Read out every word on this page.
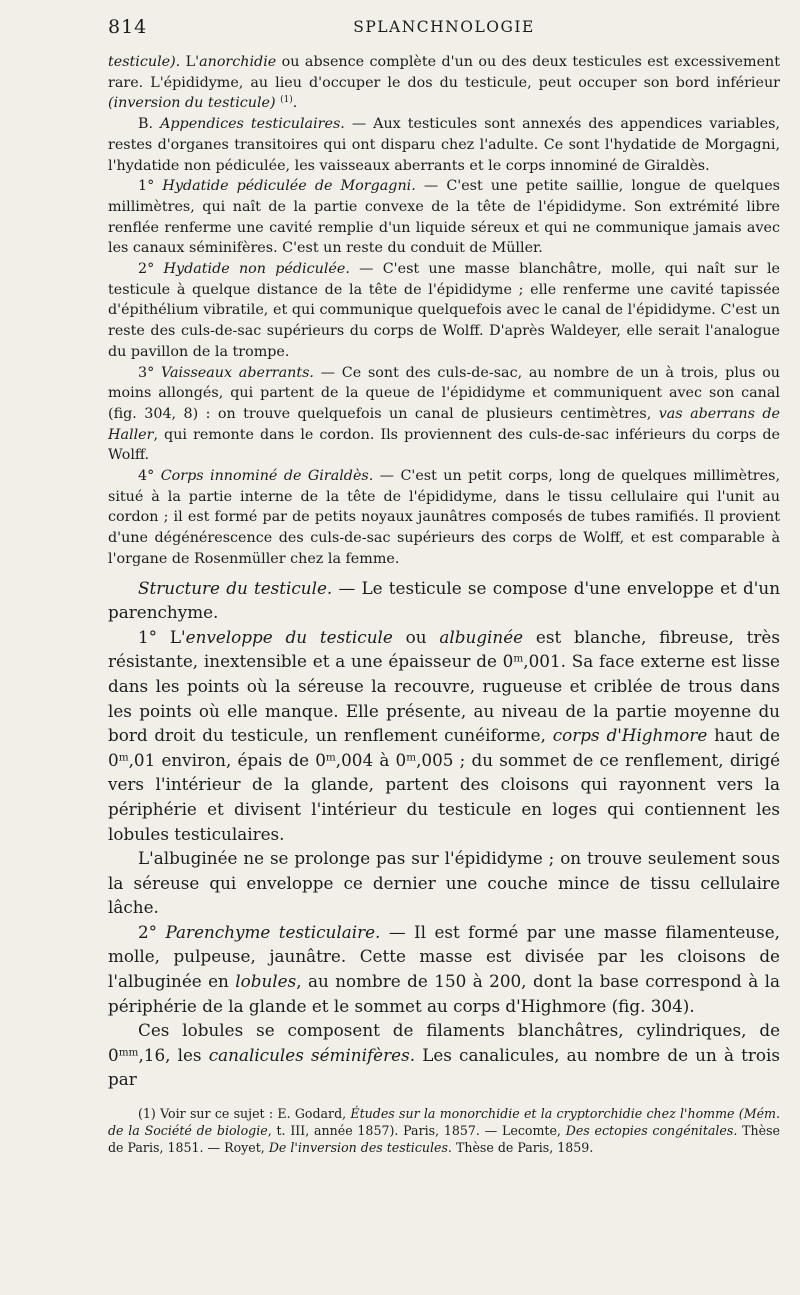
814	SPLANCHNOLOGIE

testicule). L'anorchidie ou absence complète d'un ou des deux testicules est excessivement rare. L'épididyme, au lieu d'occuper le dos du testicule, peut occuper son bord inférieur (inversion du testicule) $^{(1)}$.

B. Appendices testiculaires. — Aux testicules sont annexés des appendices variables, restes d'organes transitoires qui ont disparu chez l'adulte. Ce sont l'hydatide de Morgagni, l'hydatide non pédiculée, les vaisseaux aberrants et le corps innominé de Giraldès.

1° Hydatide pédiculée de Morgagni. — C'est une petite saillie, longue de quelques millimètres, qui naît de la partie convexe de la tête de l'épididyme. Son extrémité libre renflée renferme une cavité remplie d'un liquide séreux et qui ne communique jamais avec les canaux séminifères. C'est un reste du conduit de Müller.

2° Hydatide non pédiculée. — C'est une masse blanchâtre, molle, qui naît sur le testicule à quelque distance de la tête de l'épididyme ; elle renferme une cavité tapissée d'épithélium vibratile, et qui communique quelquefois avec le canal de l'épididyme. C'est un reste des culs-de-sac supérieurs du corps de Wolff. D'après Waldeyer, elle serait l'analogue du pavillon de la trompe.

3° Vaisseaux aberrants. — Ce sont des culs-de-sac, au nombre de un à trois, plus ou moins allongés, qui partent de la queue de l'épididyme et communiquent avec son canal (fig. 304, 8) : on trouve quelquefois un canal de plusieurs centimètres, vas aberrans de Haller, qui remonte dans le cordon. Ils proviennent des culs-de-sac inférieurs du corps de Wolff.

4° Corps innominé de Giraldès. — C'est un petit corps, long de quelques millimètres, situé à la partie interne de la tête de l'épididyme, dans le tissu cellulaire qui l'unit au cordon ; il est formé par de petits noyaux jaunâtres composés de tubes ramifiés. Il provient d'une dégénérescence des culs-de-sac supérieurs des corps de Wolff, et est comparable à l'organe de Rosenmüller chez la femme.

Structure du testicule. — Le testicule se compose d'une enveloppe et d'un parenchyme.

1° L'enveloppe du testicule ou albuginée est blanche, fibreuse, très résistante, inextensible et a une épaisseur de 0$^m$,001. Sa face externe est lisse dans les points où la séreuse la recouvre, rugueuse et criblée de trous dans les points où elle manque. Elle présente, au niveau de la partie moyenne du bord droit du testicule, un renflement cunéiforme, corps d'Highmore haut de 0$^m$,01 environ, épais de 0$^m$,004 à 0$^m$,005 ; du sommet de ce renflement, dirigé vers l'intérieur de la glande, partent des cloisons qui rayonnent vers la périphérie et divisent l'intérieur du testicule en loges qui contiennent les lobules testiculaires.

L'albuginée ne se prolonge pas sur l'épididyme ; on trouve seulement sous la séreuse qui enveloppe ce dernier une couche mince de tissu cellulaire lâche.

2° Parenchyme testiculaire. — Il est formé par une masse filamenteuse, molle, pulpeuse, jaunâtre. Cette masse est divisée par les cloisons de l'albuginée en lobules, au nombre de 150 à 200, dont la base correspond à la périphérie de la glande et le sommet au corps d'Highmore (fig. 304).

Ces lobules se composent de filaments blanchâtres, cylindriques, de $0^{mm},16$, les canalicules séminifères. Les canalicules, au nombre de un à trois par

(1) Voir sur ce sujet : E. Godard, Études sur la monorchidie et la cryptorchidie chez l'homme (Mém. de la Société de biologie, t. III, année 1857). Paris, 1857. — Lecomte, Des ectopies congénitales. Thèse de Paris, 1851. — Royet, De l'inversion des testicules. Thèse de Paris, 1859.
